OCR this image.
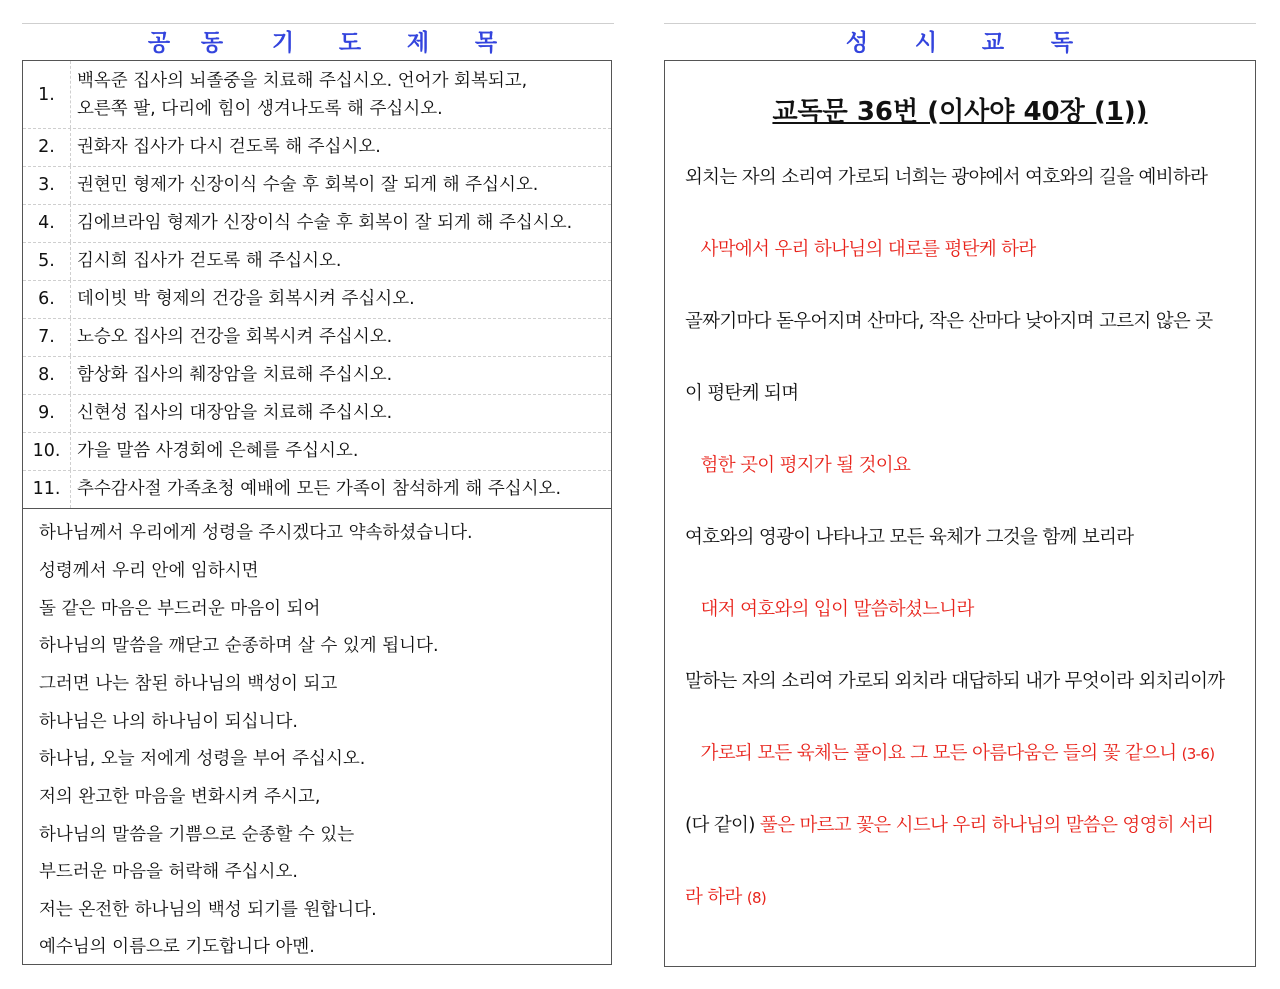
공 동 기 도 제 목	성 시 교 독
1.
백옥준 집사의 뇌졸중을 치료해 주십시오. 언어가 회복되고,
오른쪽 팔, 다리에 힘이 생겨나도록 해 주십시오.
2.	권화자 집사가 다시 걷도록 해 주십시오.
3.	권현민 형제가 신장이식 수술 후 회복이 잘 되게 해 주십시오.
4.	김에브라임 형제가 신장이식 수술 후 회복이 잘 되게 해 주십시오.
5.	김시희 집사가 걷도록 해 주십시오.
6.	데이빗 박 형제의 건강을 회복시켜 주십시오.
7.	노승오 집사의 건강을 회복시켜 주십시오.
8.	함상화 집사의 췌장암을 치료해 주십시오.
9.	신현성 집사의 대장암을 치료해 주십시오.
10. 가을 말씀 사경회에 은혜를 주십시오.
11. 추수감사절 가족초청 예배에 모든 가족이 참석하게 해 주십시오.
하나님께서 우리에게 성령을 주시겠다고 약속하셨습니다.
성령께서 우리 안에 임하시면
돌 같은 마음은 부드러운 마음이 되어
하나님의 말씀을 깨닫고 순종하며 살 수 있게 됩니다.
그러면 나는 참된 하나님의 백성이 되고
하나님은 나의 하나님이 되십니다.
하나님, 오늘 저에게 성령을 부어 주십시오.
저의 완고한 마음을 변화시켜 주시고,
하나님의 말씀을 기쁨으로 순종할 수 있는
부드러운 마음을 허락해 주십시오.
저는 온전한 하나님의 백성 되기를 원합니다.
예수님의 이름으로 기도합니다 아멘.
교독문 36번 (이사야 40장 (1))
외치는 자의 소리여 가로되 너희는 광야에서 여호와의 길을 예비하라
사막에서 우리 하나님의 대로를 평탄케 하라
골짜기마다 돋우어지며 산마다, 작은 산마다 낮아지며 고르지 않은 곳
이 평탄케 되며
험한 곳이 평지가 될 것이요
여호와의 영광이 나타나고 모든 육체가 그것을 함께 보리라
대저 여호와의 입이 말씀하셨느니라
말하는 자의 소리여 가로되 외치라 대답하되 내가 무엇이라 외치리이까
가로되 모든 육체는 풀이요 그 모든 아름다움은 들의 꽃 같으니 (3-6)
(다 같이) 풀은 마르고 꽃은 시드나 우리 하나님의 말씀은 영영히 서리
라 하라 (8)
